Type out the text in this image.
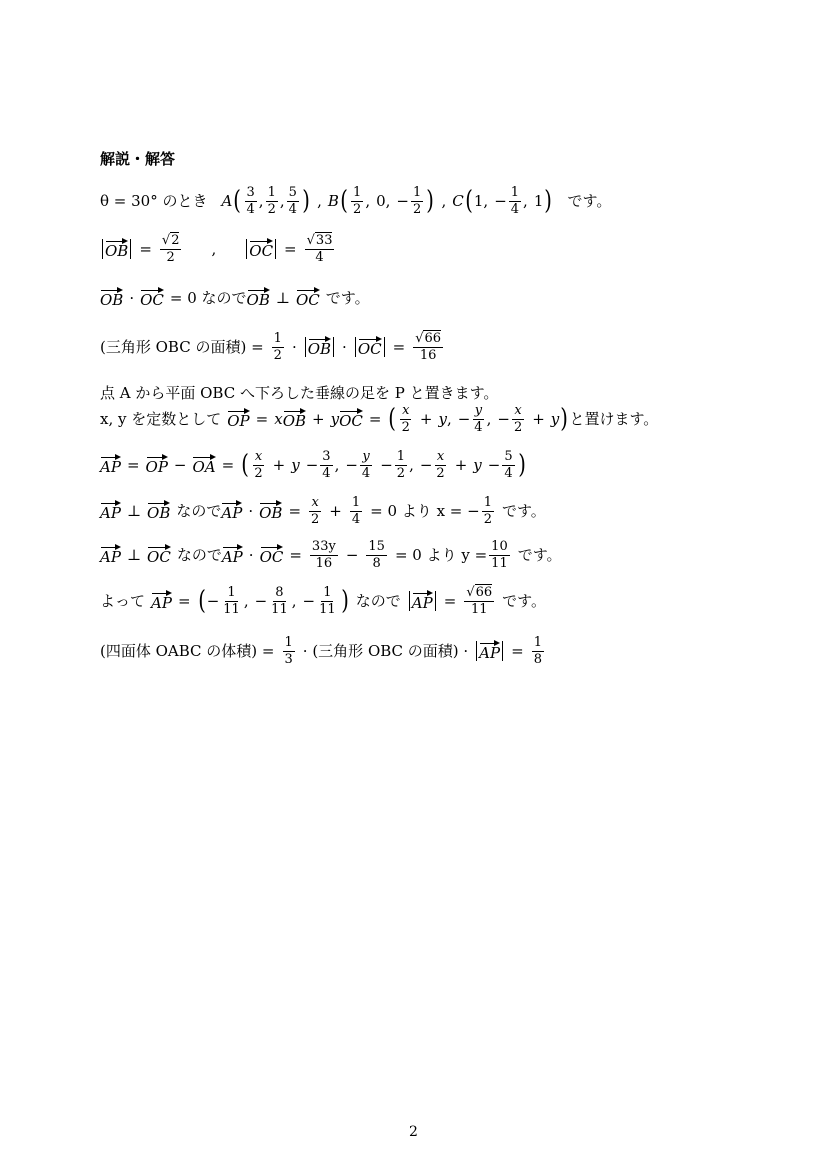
解説・解答
θ = 30° のとき A ( $\frac{3}{4}$ , $\frac{1}{2}$ , $\frac{5}{4}$ ) , B ( $\frac{1}{2}$ , 0 , − $\frac{1}{2}$ ) , C ( 1 , − $\frac{1}{4}$ , 1 ) です。
OB = $\frac{√2}{2}$ , OC = $\frac{√33}{4}$
OB · OC = 0 なので OB ⊥ OC です。
(三角形 OBC の面積) = $\frac{1}{2}$ · OB · OC = $\frac{√66}{16}$
点 A から平面 OBC へ下ろした垂線の足を P と置きます。
x, y を定数として OP = x OB + y OC = ( $\frac{x}{2} + y$ , − $\frac{y}{4}$ , − $\frac{x}{2} + y$ ) と置けます。
AP = OP − OA = ( $\frac{x}{2} + y - \frac{3}{4}$ , − $\frac{y}{4} - \frac{1}{2}$ , − $\frac{x}{2} + y - \frac{5}{4}$ )
AP ⊥ OB なので AP · OB = $\frac{x}{2} + \frac{1}{4} = 0$ より x = − $\frac{1}{2}$ です。
AP ⊥ OC なので AP · OC = $\frac{33y}{16} - \frac{15}{8} = 0$ より $y = \frac{10}{11}$ です。
よって AP = ( − $\frac{1}{11}$ , − $\frac{8}{11}$ , − $\frac{1}{11}$ ) なので AP = $\frac{√66}{11}$ です。
(四面体 OABC の体積) = $\frac{1}{3}$ · (三角形 OBC の面積) · AP = $\frac{1}{8}$
2
